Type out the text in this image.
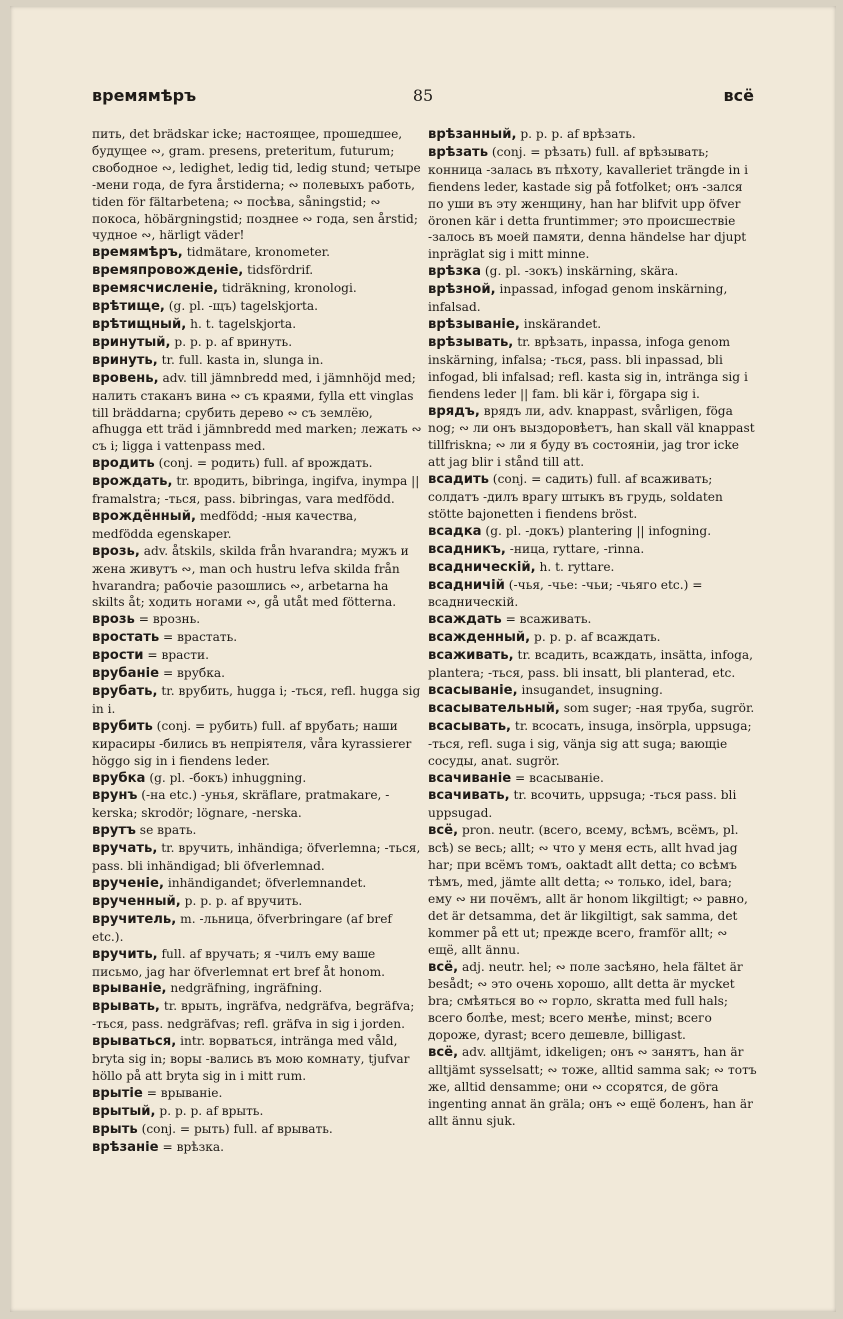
времямѣръ	85	всё

пить, det brädskar icke; настоящее, прошедшее, будущее ∾, gram. presens, preteritum, futurum; свободное ∾, ledighet, ledig tid, ledig stund; четыре -мени года, de fyra årstiderna; ∾ полевыхъ работь, tiden för fältarbetena; ∾ посѣва, såningstid; ∾ покоса, höbärgningstid; позднее ∾ года, sen årstid; чудное ∾, härligt väder!

времямѣръ, tidmätare, kronometer.

времяпровожденіе, tidsfördrif.

времясчисленіе, tidräkning, kronologi.

врѣтище, (g. pl. -щъ) tagelskjorta.

врѣтищный, h. t. tagelskjorta.

вринутый, p. p. p. af вринуть.

вринуть, tr. full. kasta in, slunga in.

вровень, adv. till jämnbredd med, i jämnhöjd med; налить стаканъ вина ∾ съ краями, fylla ett vinglas till bräddarna; срубить дерево ∾ съ землёю, afhugga ett träd i jämnbredd med marken; лежать ∾ съ i; ligga i vattenpass med.

вродить (conj. = родить) full. af врождать.

врождать, tr. вродить, bibringa, ingifva, inympa || framalstra; -ться, pass. bibringas, vara medfödd.

врождённый, medfödd; -ныя качества, medfödda egenskaper.

врозь, adv. åtskils, skilda från hvarandra; мужъ и жена живутъ ∾, man och hustru lefva skilda från hvarandra; рабочіе разошлись ∾, arbetarna ha skilts åt; ходить ногами ∾, gå utåt med fötterna.

врозь = врознь.

вростать = врастать.

врости = врасти.

врубаніе = врубка.

врубать, tr. врубить, hugga i; -ться, refl. hugga sig in i.

врубить (conj. = рубить) full. af врубать; наши кирасиры -бились въ непріятеля, våra kyrassierer höggo sig in i fiendens leder.

врубка (g. pl. -бокъ) inhuggning.

врунъ (-на etc.) -унья, skräflare, pratmakare, -kerska; skrodör; lögnare, -nerska.

врутъ se врать.

вручать, tr. вручить, inhändiga; öfverlemna; -ться, pass. bli inhändigad; bli öfverlemnad.

врученіе, inhändigandet; öfverlemnandet.

врученный, p. p. p. af вручить.

вручитель, m. -льница, öfverbringare (af bref etc.).

вручить, full. af вручать; я -чилъ ему ваше письмо, jag har öfverlemnat ert bref åt honom.

врываніе, nedgräfning, ingräfning.

врывать, tr. врыть, ingräfva, nedgräfva, begräfva; -ться, pass. nedgräfvas; refl. gräfva in sig i jorden.

врываться, intr. ворваться, inträngа med våld, bryta sig in; воры -вались въ мою комнату, tjufvar höllo på att bryta sig in i mitt rum.

врытіе = врываніе.

врытый, p. p. p. af врыть.

врыть (conj. = рыть) full. af врывать.

врѣзаніе = врѣзка.

врѣзанный, p. p. p. af врѣзать.

врѣзать (conj. = рѣзать) full. af врѣзывать; конница -залась въ пѣхоту, kavalleriet trängde in i fiendens leder, kastade sig på fotfolket; онъ -зался по уши въ эту женщину, han har blifvit upp öfver öronen kär i detta fruntimmer; это происшествіе -залось въ моей памяти, denna händelse har djupt inpräglat sig i mitt minne.

врѣзка (g. pl. -зокъ) inskärning, skära.

врѣзной, inpassad, infogad genom inskärning, infalsad.

врѣзываніе, inskärandet.

врѣзывать, tr. врѣзать, inpassa, infoga genom inskärning, infalsa; -ться, pass. bli inpassad, bli infogad, bli infalsad; refl. kasta sig in, inträngа sig i fiendens leder || fam. bli kär i, förgapa sig i.

врядъ, врядъ ли, adv. knappast, svårligen, föga nog; ∾ ли онъ выздоровѣетъ, han skall väl knappast tillfriskna; ∾ ли я буду въ состояніи, jag tror icke att jag blir i stånd till att.

всадить (conj. = садить) full. af всаживать; солдатъ -дилъ врагу штыкъ въ грудь, soldaten stötte bajonetten i fiendens bröst.

всадка (g. pl. -докъ) plantering || infogning.

всадникъ, -ница, ryttare, -rinna.

всадническій, h. t. ryttare.

всадничій (-чья, -чье: -чьи; -чьяго etc.) = всадническій.

всаждать = всаживать.

всажденный, p. p. p. af всаждать.

всаживать, tr. всадить, всаждать, insätta, infoga, plantera; -ться, pass. bli insatt, bli planterad, etc.

всасываніе, insugandet, insugning.

всасывательный, som suger; -ная труба, sugrör.

всасывать, tr. всосать, insuga, insörpla, uppsuga; -ться, refl. suga i sig, vänja sig att suga; вающіе сосуды, anat. sugrör.

всачиваніе = всасываніе.

всачивать, tr. всочить, uppsuga; -ться pass. bli uppsugad.

всё, pron. neutr. (всего, всему, всѣмъ, всёмъ, pl. всѣ) se весь; allt; ∾ что у меня есть, allt hvad jag har; при всёмъ томъ, oaktadt allt detta; со всѣмъ тѣмъ, med, jämte allt detta; ∾ только, idel, bara; ему ∾ ни почёмъ, allt är honom likgiltigt; ∾ равно, det är detsamma, det är likgiltigt, sak samma, det kommer på ett ut; прежде всего, framför allt; ∾ ещё, allt ännu.

всё, adj. neutr. hel; ∾ поле засѣяно, hela fältet är besådt; ∾ это очень хорошо, allt detta är mycket bra; смѣяться во ∾ горло, skratta med full hals; всего болѣе, mest; всего менѣе, minst; всего дороже, dyrast; всего дешевле, billigast.

всё, adv. alltjämt, idkeligen; онъ ∾ занятъ, han är alltjämt sysselsatt; ∾ тоже, alltid samma sak; ∾ тотъ же, alltid densamme; они ∾ ссорятся, de göra ingenting annat än gräla; онъ ∾ ещё боленъ, han är allt ännu sjuk.
